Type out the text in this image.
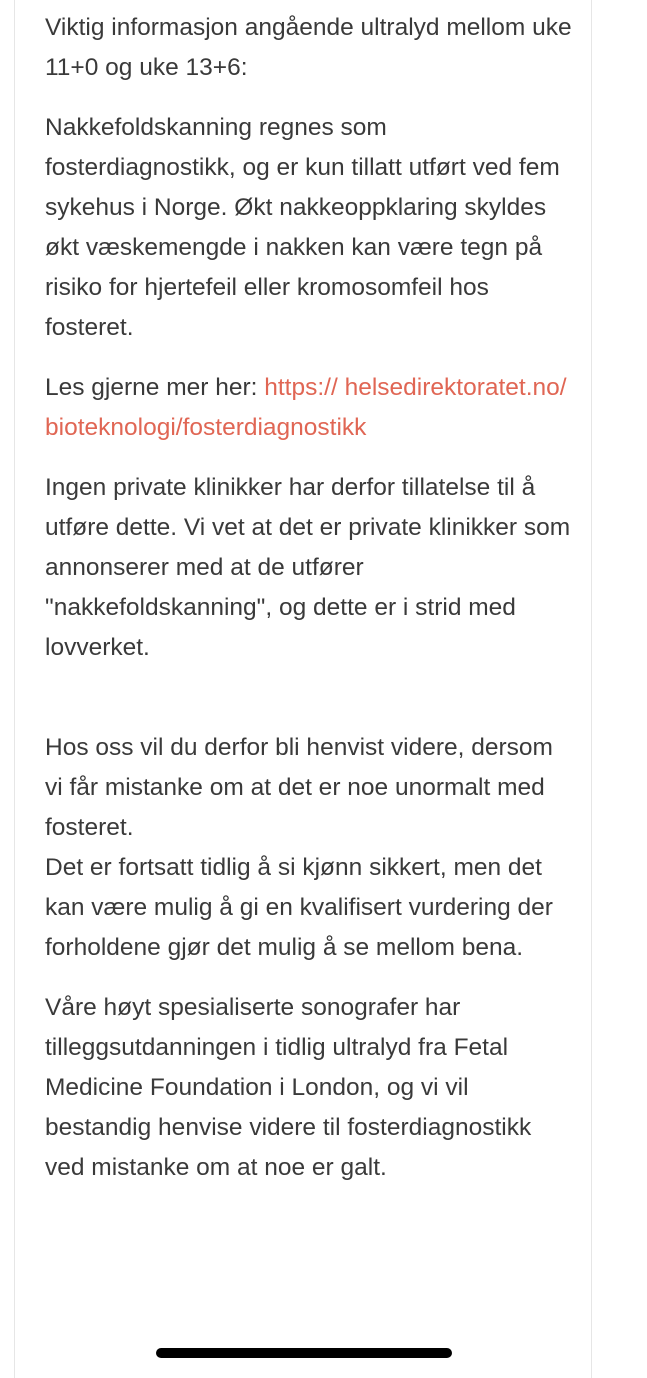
Viktig informasjon angående ultralyd mellom uke 11+0 og uke 13+6:

Nakkefoldskanning regnes som fosterdiagnostikk, og er kun tillatt utført ved fem sykehus i Norge. Økt nakkeoppklaring skyldes økt væskemengde i nakken kan være tegn på risiko for hjertefeil eller kromosomfeil hos fosteret.

Les gjerne mer her: https:// helsedirektoratet.no/ bioteknologi/fosterdiagnostikk

Ingen private klinikker har derfor tillatelse til å utføre dette. Vi vet at det er private klinikker som annonserer med at de utfører "nakkefoldskanning", og dette er i strid med lovverket.

Hos oss vil du derfor bli henvist videre, dersom vi får mistanke om at det er noe unormalt med fosteret.

Det er fortsatt tidlig å si kjønn sikkert, men det kan være mulig å gi en kvalifisert vurdering der forholdene gjør det mulig å se mellom bena.

Våre høyt spesialiserte sonografer har tilleggsutdanningen i tidlig ultralyd fra Fetal Medicine Foundation i London, og vi vil bestandig henvise videre til fosterdiagnostikk ved mistanke om at noe er galt.
